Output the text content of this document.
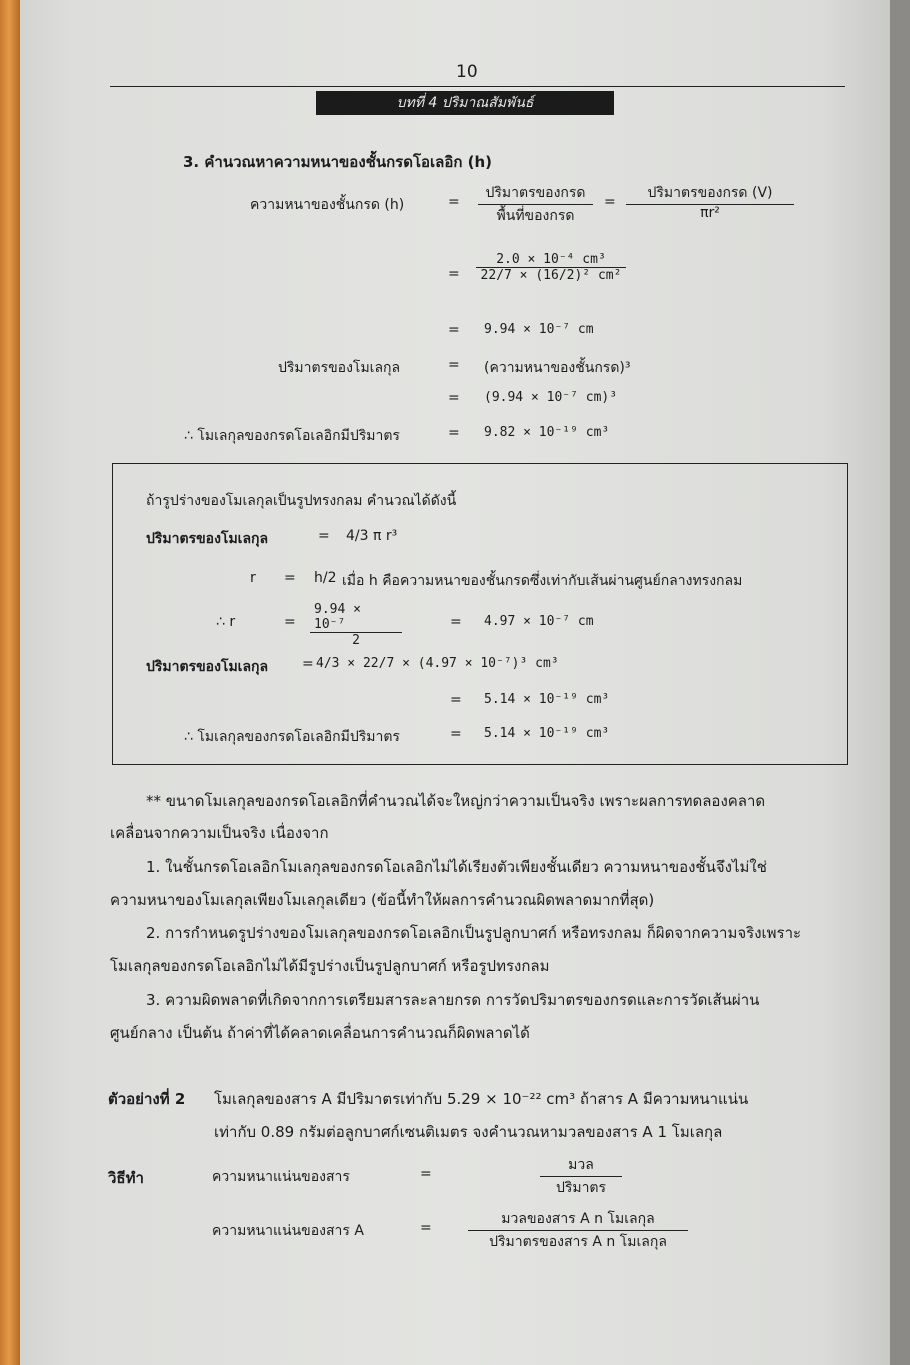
10
บทที่ 4 ปริมาณสัมพันธ์
3. คำนวณหาความหนาของชั้นกรดโอเลอิก (h)
ความหนาของชั้นกรด (h)	=
ปริมาตรของกรด
พื้นที่ของกรด
=
ปริมาตรของกรด (V)
πr²
=
2.0 × 10⁻⁴ cm³
22/7 × (16/2)² cm²
= 9.94 × 10⁻⁷ cm
ปริมาตรของโมเลกุล	= (ความหนาของชั้นกรด)³
= (9.94 × 10⁻⁷ cm)³
∴ โมเลกุลของกรดโอเลอิกมีปริมาตร	= 9.82 × 10⁻¹⁹ cm³
ถ้ารูปร่างของโมเลกุลเป็นรูปทรงกลม คำนวณได้ดังนี้
ปริมาตรของโมเลกุล	= 4/3 π r³
r = h/2 เมื่อ h คือความหนาของชั้นกรดซึ่งเท่ากับเส้นผ่านศูนย์กลางทรงกลม
∴ r	=
9.94 × 10⁻⁷
2
= 4.97 × 10⁻⁷ cm
ปริมาตรของโมเลกุล = 4/3 × 22/7 × (4.97 × 10⁻⁷)³ cm³
= 5.14 × 10⁻¹⁹ cm³
∴ โมเลกุลของกรดโอเลอิกมีปริมาตร	= 5.14 × 10⁻¹⁹ cm³
** ขนาดโมเลกุลของกรดโอเลอิกที่คำนวณได้จะใหญ่กว่าความเป็นจริง เพราะผลการทดลองคลาด
เคลื่อนจากความเป็นจริง เนื่องจาก
1. ในชั้นกรดโอเลอิกโมเลกุลของกรดโอเลอิกไม่ได้เรียงตัวเพียงชั้นเดียว ความหนาของชั้นจึงไม่ใช่
ความหนาของโมเลกุลเพียงโมเลกุลเดียว (ข้อนี้ทำให้ผลการคำนวณผิดพลาดมากที่สุด)
2. การกำหนดรูปร่างของโมเลกุลของกรดโอเลอิกเป็นรูปลูกบาศก์ หรือทรงกลม ก็ผิดจากความจริงเพราะ
โมเลกุลของกรดโอเลอิกไม่ได้มีรูปร่างเป็นรูปลูกบาศก์ หรือรูปทรงกลม
3. ความผิดพลาดที่เกิดจากการเตรียมสารละลายกรด การวัดปริมาตรของกรดและการวัดเส้นผ่าน
ศูนย์กลาง เป็นต้น ถ้าค่าที่ได้คลาดเคลื่อนการคำนวณก็ผิดพลาดได้
ตัวอย่างที่ 2 โมเลกุลของสาร A มีปริมาตรเท่ากับ 5.29 × 10⁻²² cm³ ถ้าสาร A มีความหนาแน่น
เท่ากับ 0.89 กรัมต่อลูกบาศก์เซนติเมตร จงคำนวณหามวลของสาร A 1 โมเลกุล
วิธีทำ	ความหนาแน่นของสาร	=
มวล
ปริมาตร
ความหนาแน่นของสาร A	=
มวลของสาร A n โมเลกุล
ปริมาตรของสาร A n โมเลกุล
